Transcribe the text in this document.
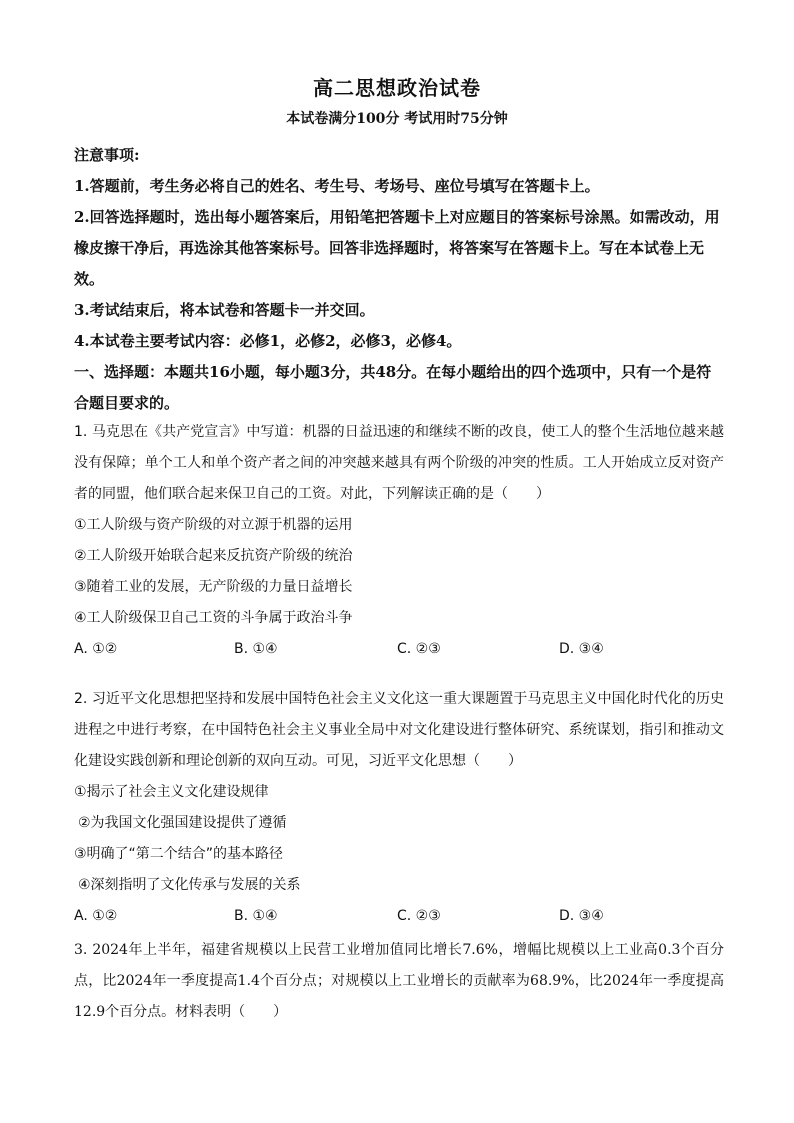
高二思想政治试卷
本试卷满分100分 考试用时75分钟
注意事项:
1.答题前，考生务必将自己的姓名、考生号、考场号、座位号填写在答题卡上。
2.回答选择题时，选出每小题答案后，用铅笔把答题卡上对应题目的答案标号涂黑。如需改动，用橡皮擦干净后，再选涂其他答案标号。回答非选择题时，将答案写在答题卡上。写在本试卷上无效。
3.考试结束后，将本试卷和答题卡一并交回。
4.本试卷主要考试内容：必修1，必修2，必修3，必修4。
一、选择题：本题共16小题，每小题3分，共48分。在每小题给出的四个选项中，只有一个是符合题目要求的。

1. 马克思在《共产党宣言》中写道：机器的日益迅速的和继续不断的改良，使工人的整个生活地位越来越没有保障；单个工人和单个资产者之间的冲突越来越具有两个阶级的冲突的性质。工人开始成立反对资产者的同盟，他们联合起来保卫自己的工资。对此，下列解读正确的是（　　）

①工人阶级与资产阶级的对立源于机器的运用
②工人阶级开始联合起来反抗资产阶级的统治
③随着工业的发展，无产阶级的力量日益增长
④工人阶级保卫自己工资的斗争属于政治斗争
A. ①②	B. ①④	C. ②③	D. ③④

2. 习近平文化思想把坚持和发展中国特色社会主义文化这一重大课题置于马克思主义中国化时代化的历史进程之中进行考察，在中国特色社会主义事业全局中对文化建设进行整体研究、系统谋划，指引和推动文化建设实践创新和理论创新的双向互动。可见，习近平文化思想（　　）

①揭示了社会主义文化建设规律
②为我国文化强国建设提供了遵循
③明确了“第二个结合”的基本路径
④深刻指明了文化传承与发展的关系
A. ①②	B. ①④	C. ②③	D. ③④

3. 2024年上半年，福建省规模以上民营工业增加值同比增长7.6%，增幅比规模以上工业高0.3个百分点，比2024年一季度提高1.4个百分点；对规模以上工业增长的贡献率为68.9%，比2024年一季度提高12.9个百分点。材料表明（　　）
